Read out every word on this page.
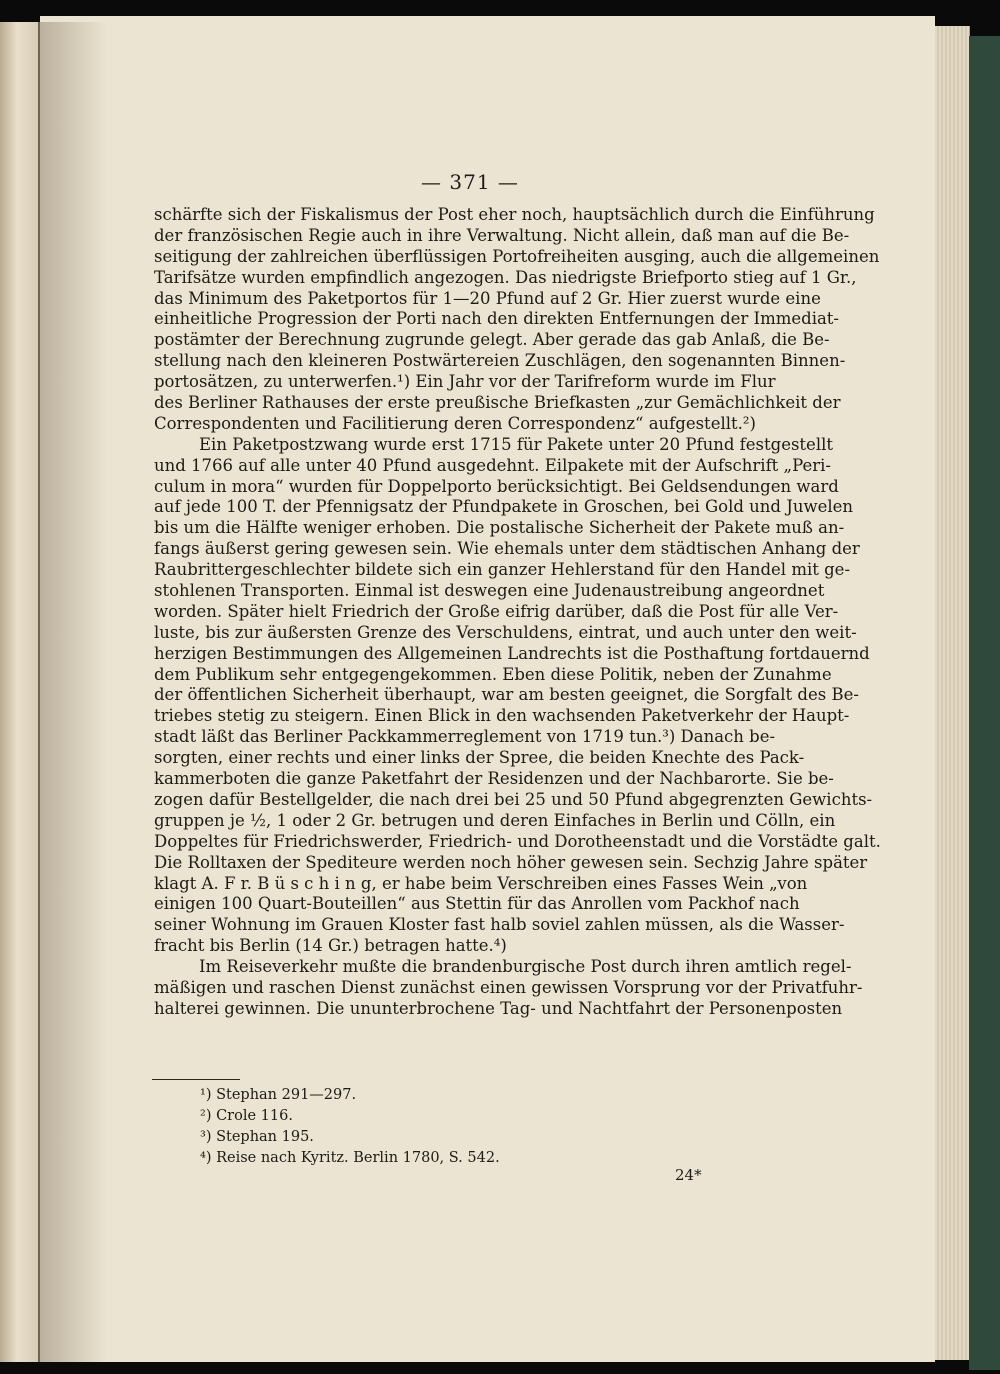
— 371 —
schärfte sich der Fiskalismus der Post eher noch, hauptsächlich durch die Einführung
der französischen Regie auch in ihre Verwaltung. Nicht allein, daß man auf die Be-
seitigung der zahlreichen überflüssigen Portofreiheiten ausging, auch die allgemeinen
Tarifsätze wurden empfindlich angezogen. Das niedrigste Briefporto stieg auf 1 Gr.,
das Minimum des Paketportos für 1—20 Pfund auf 2 Gr. Hier zuerst wurde eine
einheitliche Progression der Porti nach den direkten Entfernungen der Immediat-
postämter der Berechnung zugrunde gelegt. Aber gerade das gab Anlaß, die Be-
stellung nach den kleineren Postwärtereien Zuschlägen, den sogenannten Binnen-
portosätzen, zu unterwerfen.¹) Ein Jahr vor der Tarifreform wurde im Flur
des Berliner Rathauses der erste preußische Briefkasten „zur Gemächlichkeit der
Correspondenten und Facilitierung deren Correspondenz“ aufgestellt.²)
Ein Paketpostzwang wurde erst 1715 für Pakete unter 20 Pfund festgestellt
und 1766 auf alle unter 40 Pfund ausgedehnt. Eilpakete mit der Aufschrift „Peri-
culum in mora“ wurden für Doppelporto berücksichtigt. Bei Geldsendungen ward
auf jede 100 T. der Pfennigsatz der Pfundpakete in Groschen, bei Gold und Juwelen
bis um die Hälfte weniger erhoben. Die postalische Sicherheit der Pakete muß an-
fangs äußerst gering gewesen sein. Wie ehemals unter dem städtischen Anhang der
Raubrittergeschlechter bildete sich ein ganzer Hehlerstand für den Handel mit ge-
stohlenen Transporten. Einmal ist deswegen eine Judenaustreibung angeordnet
worden. Später hielt Friedrich der Große eifrig darüber, daß die Post für alle Ver-
luste, bis zur äußersten Grenze des Verschuldens, eintrat, und auch unter den weit-
herzigen Bestimmungen des Allgemeinen Landrechts ist die Posthaftung fortdauernd
dem Publikum sehr entgegengekommen. Eben diese Politik, neben der Zunahme
der öffentlichen Sicherheit überhaupt, war am besten geeignet, die Sorgfalt des Be-
triebes stetig zu steigern. Einen Blick in den wachsenden Paketverkehr der Haupt-
stadt läßt das Berliner Packkammerreglement von 1719 tun.³) Danach be-
sorgten, einer rechts und einer links der Spree, die beiden Knechte des Pack-
kammerboten die ganze Paketfahrt der Residenzen und der Nachbarorte. Sie be-
zogen dafür Bestellgelder, die nach drei bei 25 und 50 Pfund abgegrenzten Gewichts-
gruppen je ½, 1 oder 2 Gr. betrugen und deren Einfaches in Berlin und Cölln, ein
Doppeltes für Friedrichswerder, Friedrich- und Dorotheenstadt und die Vorstädte galt.
Die Rolltaxen der Spediteure werden noch höher gewesen sein. Sechzig Jahre später
klagt A. F r. B ü s c h i n g, er habe beim Verschreiben eines Fasses Wein „von
einigen 100 Quart-Bouteillen“ aus Stettin für das Anrollen vom Packhof nach
seiner Wohnung im Grauen Kloster fast halb soviel zahlen müssen, als die Wasser-
fracht bis Berlin (14 Gr.) betragen hatte.⁴)
Im Reiseverkehr mußte die brandenburgische Post durch ihren amtlich regel-
mäßigen und raschen Dienst zunächst einen gewissen Vorsprung vor der Privatfuhr-
halterei gewinnen. Die ununterbrochene Tag- und Nachtfahrt der Personenposten
¹) Stephan 291—297.
²) Crole 116.
³) Stephan 195.
⁴) Reise nach Kyritz. Berlin 1780, S. 542.
24*
